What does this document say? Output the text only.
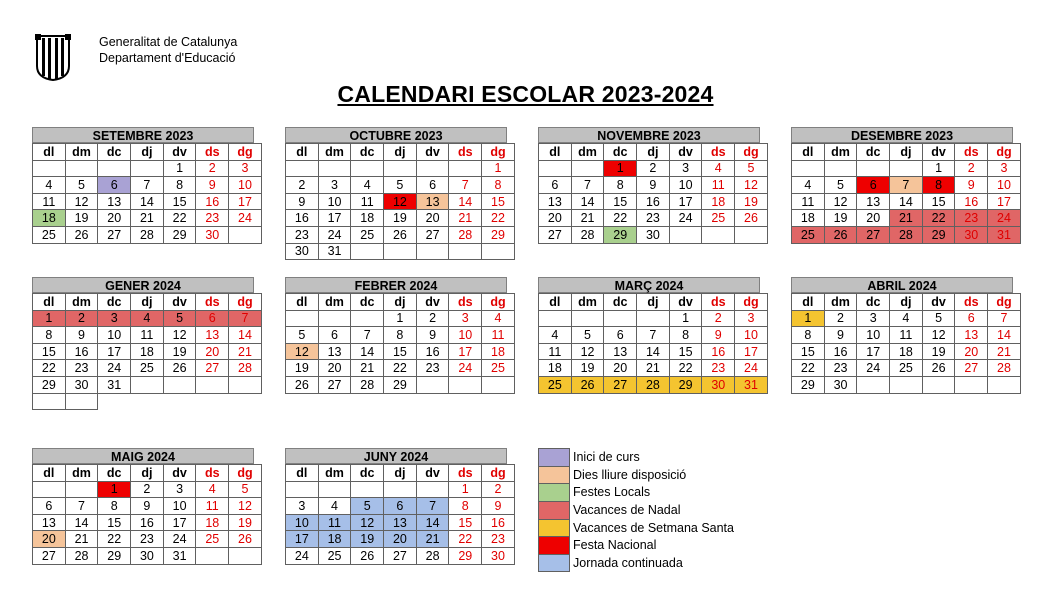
Generalitat de Catalunya
Departament d'Educació
CALENDARI ESCOLAR 2023-2024
SETEMBRE 2023
dl	dm	dc	dj	dv	ds	dg
				1	2	3
4	5	6	7	8	9	10
11	12	13	14	15	16	17
18	19	20	21	22	23	24
25	26	27	28	29	30	
OCTUBRE 2023
dl	dm	dc	dj	dv	ds	dg
						1
2	3	4	5	6	7	8
9	10	11	12	13	14	15
16	17	18	19	20	21	22
23	24	25	26	27	28	29
30	31					
NOVEMBRE 2023
dl	dm	dc	dj	dv	ds	dg
		1	2	3	4	5
6	7	8	9	10	11	12
13	14	15	16	17	18	19
20	21	22	23	24	25	26
27	28	29	30			
DESEMBRE 2023
dl	dm	dc	dj	dv	ds	dg
				1	2	3
4	5	6	7	8	9	10
11	12	13	14	15	16	17
18	19	20	21	22	23	24
25	26	27	28	29	30	31

GENER 2024
dl	dm	dc	dj	dv	ds	dg
1	2	3	4	5	6	7
8	9	10	11	12	13	14
15	16	17	18	19	20	21
22	23	24	25	26	27	28
29	30	31				

FEBRER 2024
dl	dm	dc	dj	dv	ds	dg
			1	2	3	4
5	6	7	8	9	10	11
12	13	14	15	16	17	18
19	20	21	22	23	24	25
26	27	28	29			
MARÇ 2024
dl	dm	dc	dj	dv	ds	dg
				1	2	3
4	5	6	7	8	9	10
11	12	13	14	15	16	17
18	19	20	21	22	23	24
25	26	27	28	29	30	31
ABRIL 2024
dl	dm	dc	dj	dv	ds	dg
1	2	3	4	5	6	7
8	9	10	11	12	13	14
15	16	17	18	19	20	21
22	23	24	25	26	27	28
29	30					
MAIG 2024
dl	dm	dc	dj	dv	ds	dg
		1	2	3	4	5
6	7	8	9	10	11	12
13	14	15	16	17	18	19
20	21	22	23	24	25	26
27	28	29	30	31		
JUNY 2024
dl	dm	dc	dj	dv	ds	dg
					1	2
3	4	5	6	7	8	9
10	11	12	13	14	15	16
17	18	19	20	21	22	23
24	25	26	27	28	29	30
Inici de curs
Dies lliure disposició
Festes Locals
Vacances de Nadal
Vacances de Setmana Santa
Festa Nacional
Jornada continuada
